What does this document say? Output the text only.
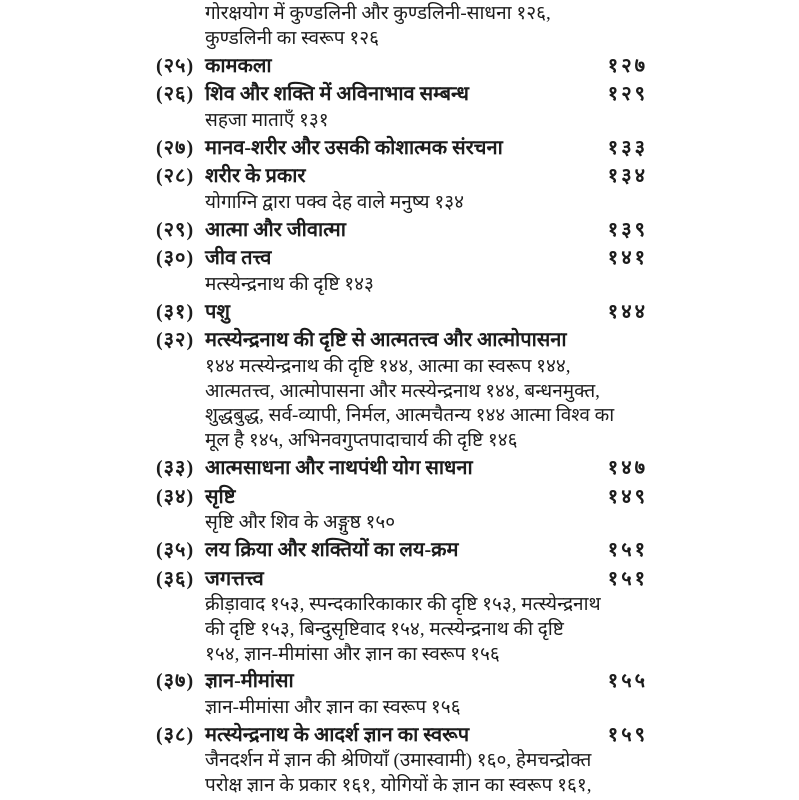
गोरक्षयोग में कुण्डलिनी और कुण्डलिनी-साधना १२६,
कुण्डलिनी का स्वरूप १२६
(२५) कामकला	१२७
(२६) शिव और शक्ति में अविनाभाव सम्बन्ध	१२९
सहजा माताएँ १३१
(२७) मानव-शरीर और उसकी कोशात्मक संरचना	१३३
(२८) शरीर के प्रकार	१३४
योगाग्नि द्वारा पक्व देह वाले मनुष्य १३४
(२९) आत्मा और जीवात्मा	१३९
(३०) जीव तत्त्व	१४१
मत्स्येन्द्रनाथ की दृष्टि १४३
(३१) पशु	१४४
(३२) मत्स्येन्द्रनाथ की दृष्टि से आत्मतत्त्व और आत्मोपासना
१४४ मत्स्येन्द्रनाथ की दृष्टि १४४, आत्मा का स्वरूप १४४,
आत्मतत्त्व, आत्मोपासना और मत्स्येन्द्रनाथ १४४, बन्धनमुक्त,
शुद्धबुद्ध, सर्व-व्यापी, निर्मल, आत्मचैतन्य १४४ आत्मा विश्व का
मूल है १४५, अभिनवगुप्तपादाचार्य की दृष्टि १४६
(३३) आत्मसाधना और नाथपंथी योग साधना	१४७
(३४) सृष्टि	१४९
सृष्टि और शिव के अङ्गुष्ठ १५०
(३५) लय क्रिया और शक्तियों का लय-क्रम	१५१
(३६) जगत्तत्त्व	१५१
क्रीड़ावाद १५३, स्पन्दकारिकाकार की दृष्टि १५३, मत्स्येन्द्रनाथ
की दृष्टि १५३, बिन्दुसृष्टिवाद १५४, मत्स्येन्द्रनाथ की दृष्टि
१५४, ज्ञान-मीमांसा और ज्ञान का स्वरूप १५६
(३७) ज्ञान-मीमांसा	१५५
ज्ञान-मीमांसा और ज्ञान का स्वरूप १५६
(३८) मत्स्येन्द्रनाथ के आदर्श ज्ञान का स्वरूप	१५९
जैनदर्शन में ज्ञान की श्रेणियाँ (उमास्वामी) १६०, हेमचन्द्रोक्त
परोक्ष ज्ञान के प्रकार १६१, योगियों के ज्ञान का स्वरूप १६१,
